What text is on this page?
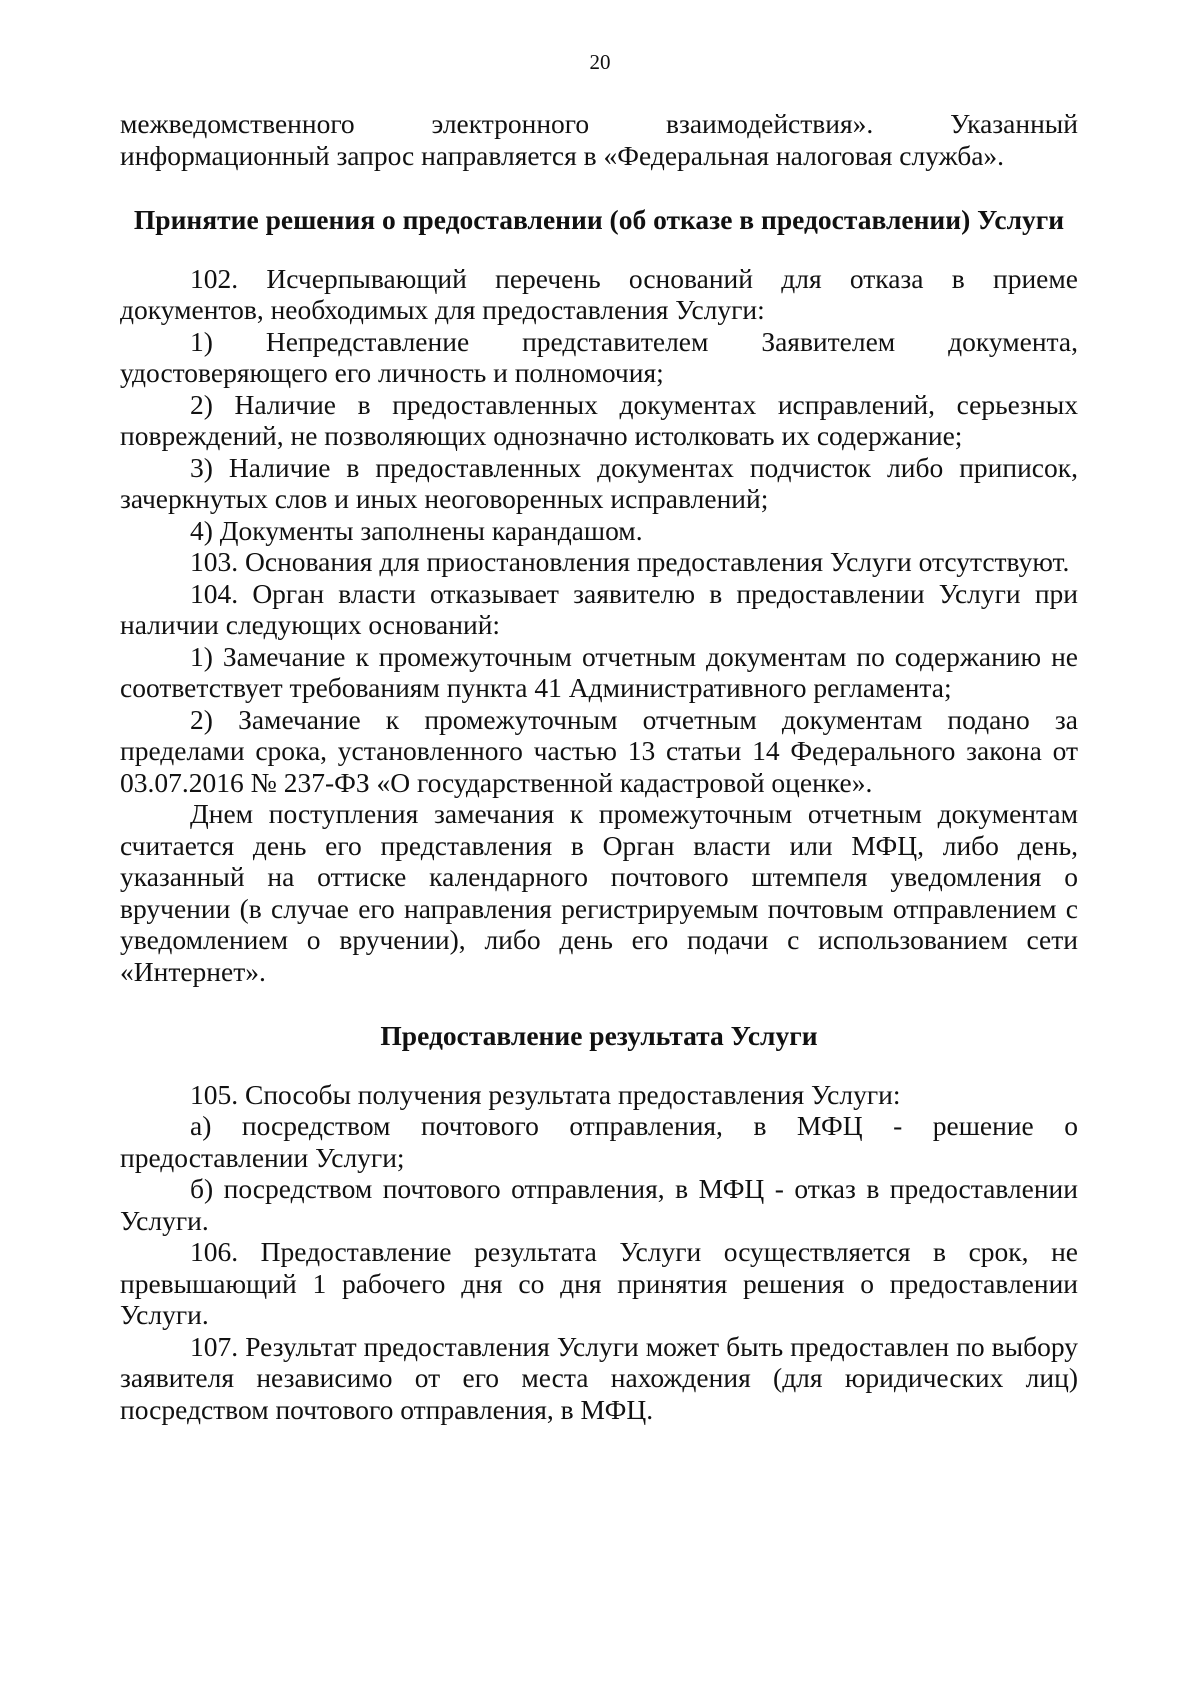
20

межведомственного электронного взаимодействия». Указанный информационный запрос направляется в «Федеральная налоговая служба».

Принятие решения о предоставлении (об отказе в предоставлении) Услуги

102. Исчерпывающий перечень оснований для отказа в приеме документов, необходимых для предоставления Услуги:

1) Непредставление представителем Заявителем документа, удостоверяющего его личность и полномочия;

2) Наличие в предоставленных документах исправлений, серьезных повреждений, не позволяющих однозначно истолковать их содержание;

3) Наличие в предоставленных документах подчисток либо приписок, зачеркнутых слов и иных неоговоренных исправлений;

4) Документы заполнены карандашом.

103. Основания для приостановления предоставления Услуги отсутствуют.

104. Орган власти отказывает заявителю в предоставлении Услуги при наличии следующих оснований:

1) Замечание к промежуточным отчетным документам по содержанию не соответствует требованиям пункта 41 Административного регламента;

2) Замечание к промежуточным отчетным документам подано за пределами срока, установленного частью 13 статьи 14 Федерального закона от 03.07.2016 № 237-ФЗ «О государственной кадастровой оценке».

Днем поступления замечания к промежуточным отчетным документам считается день его представления в Орган власти или МФЦ, либо день, указанный на оттиске календарного почтового штемпеля уведомления о вручении (в случае его направления регистрируемым почтовым отправлением с уведомлением о вручении), либо день его подачи с использованием сети «Интернет».

Предоставление результата Услуги

105. Способы получения результата предоставления Услуги:

а) посредством почтового отправления, в МФЦ - решение о предоставлении Услуги;

б) посредством почтового отправления, в МФЦ - отказ в предоставлении Услуги.

106. Предоставление результата Услуги осуществляется в срок, не превышающий 1 рабочего дня со дня принятия решения о предоставлении Услуги.

107. Результат предоставления Услуги может быть предоставлен по выбору заявителя независимо от его места нахождения (для юридических лиц) посредством почтового отправления, в МФЦ.
